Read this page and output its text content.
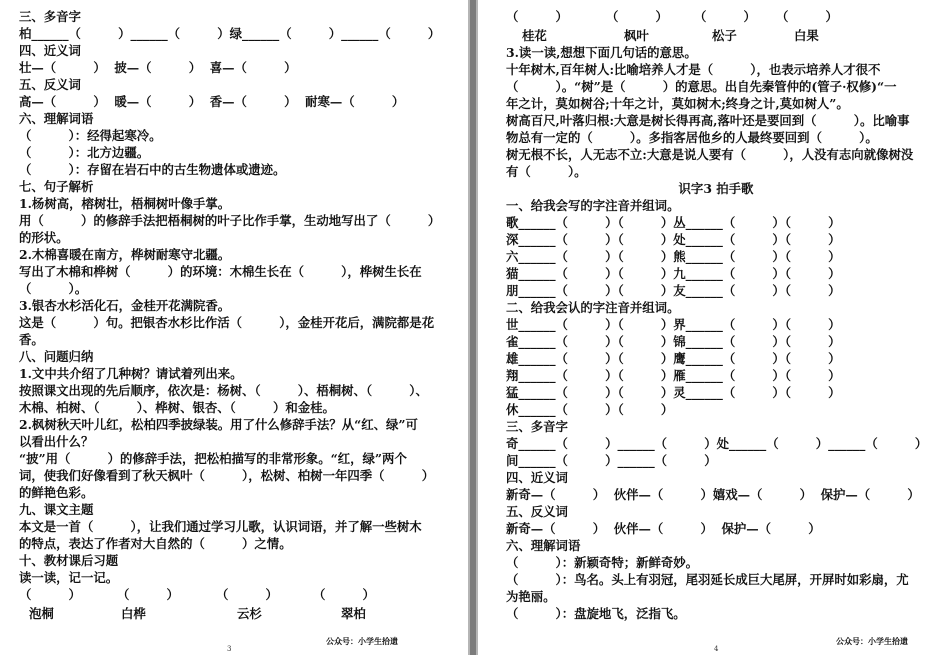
三、多音字
柏______（　　　）______（　　　）绿______（　　　）______（　　　）
四、近义词
壮—（　　　）  披—（　　　）  喜—（　　　）
五、反义词
高—（　　　）  暖—（　　　）  香—（　　　）  耐寒—（　　　）
六、理解词语
（　　　）：经得起寒冷。
（　　　）：北方边疆。
（　　　）：存留在岩石中的古生物遗体或遗迹。
七、句子解析
1.杨树高，榕树壮，梧桐树叶像手掌。
用（　　　）的修辞手法把梧桐树的叶子比作手掌，生动地写出了（　　　）
的形状。
2.木棉喜暖在南方，桦树耐寒守北疆。
写出了木棉和桦树（　　　）的环境：木棉生长在（　　　），桦树生长在
（　　　）。
3.银杏水杉活化石，金桂开花满院香。
这是（　　　）句。把银杏水杉比作活（　　　），金桂开花后，满院都是花
香。
八、问题归纳
1.文中共介绍了几种树？请试着列出来。
按照课文出现的先后顺序，依次是：杨树、（　　　）、梧桐树、（　　　）、
木棉、柏树、（　　　）、桦树、银杏、（　　　）和金桂。
2.枫树秋天叶儿红，松柏四季披绿装。用了什么修辞手法？从“红、绿”可
以看出什么？
“披”用（　　　）的修辞手法，把松柏描写的非常形象。“红，绿”两个
词，使我们好像看到了秋天枫叶（　　　），松树、柏树一年四季（　　　）
的鲜艳色彩。
九、课文主题
本文是一首（　　　），让我们通过学习儿歌，认识词语，并了解一些树木
的特点，表达了作者对大自然的（　　　）之情。
十、教材课后习题
读一读，记一记。
（　　　）	（　　　）	（　　　）	（　　　）
泡桐	白桦	云杉	翠柏
公众号：小学生拾遗
3
（　　　）	（　　　） （　　　） （　　　）
桂花	枫叶	松子	白果
3.读一读,想想下面几句话的意思。
十年树木,百年树人:比喻培养人才是（　　　），也表示培养人才很不
（　　　）。“树”是（　　　）的意思。出自先秦管仲的(管子·权修)“一
年之计，莫如树谷;十年之计，莫如树木;终身之计,莫如树人”。
树高百尺,叶落归根:大意是树长得再高,落叶还是要回到（　　　）。比喻事
物总有一定的（　　　）。多指客居他乡的人最终要回到（　　　）。
树无根不长，人无志不立:大意是说人要有（　　　），人没有志向就像树没
有（　　　）。
识字3 拍手歌
一、给我会写的字注音并组词。
歌______（　　　）（　　　）丛______（　　　）（　　　）
深______（　　　）（　　　）处______（　　　）（　　　）
六______（　　　）（　　　）熊______（　　　）（　　　）
猫______（　　　）（　　　）九______（　　　）（　　　）
朋______（　　　）（　　　）友______（　　　）（　　　）
二、给我会认的字注音并组词。
世______（　　　）（　　　）界______（　　　）（　　　）
雀______（　　　）（　　　）锦______（　　　）（　　　）
雄______（　　　）（　　　）鹰______（　　　）（　　　）
翔______（　　　）（　　　）雁______（　　　）（　　　）
猛______（　　　）（　　　）灵______（　　　）（　　　）
休______（　　　）（　　　）
三、多音字
奇______（　　　）______（　　　）处______（　　　）______（　　　）
间______（　　　）______（　　　）
四、近义词
新奇—（　　　）  伙伴—（　　　）嬉戏—（　　　）  保护—（　　　）
五、反义词
新奇—（　　　）  伙伴—（　　　）  保护—（　　　）
六、理解词语
（　　　）：新颖奇特；新鲜奇妙。
（　　　）：鸟名。头上有羽冠，尾羽延长成巨大尾屏，开屏时如彩扇，尤
为艳丽。
（　　　）：盘旋地飞，泛指飞。
公众号：小学生拾遗
4
